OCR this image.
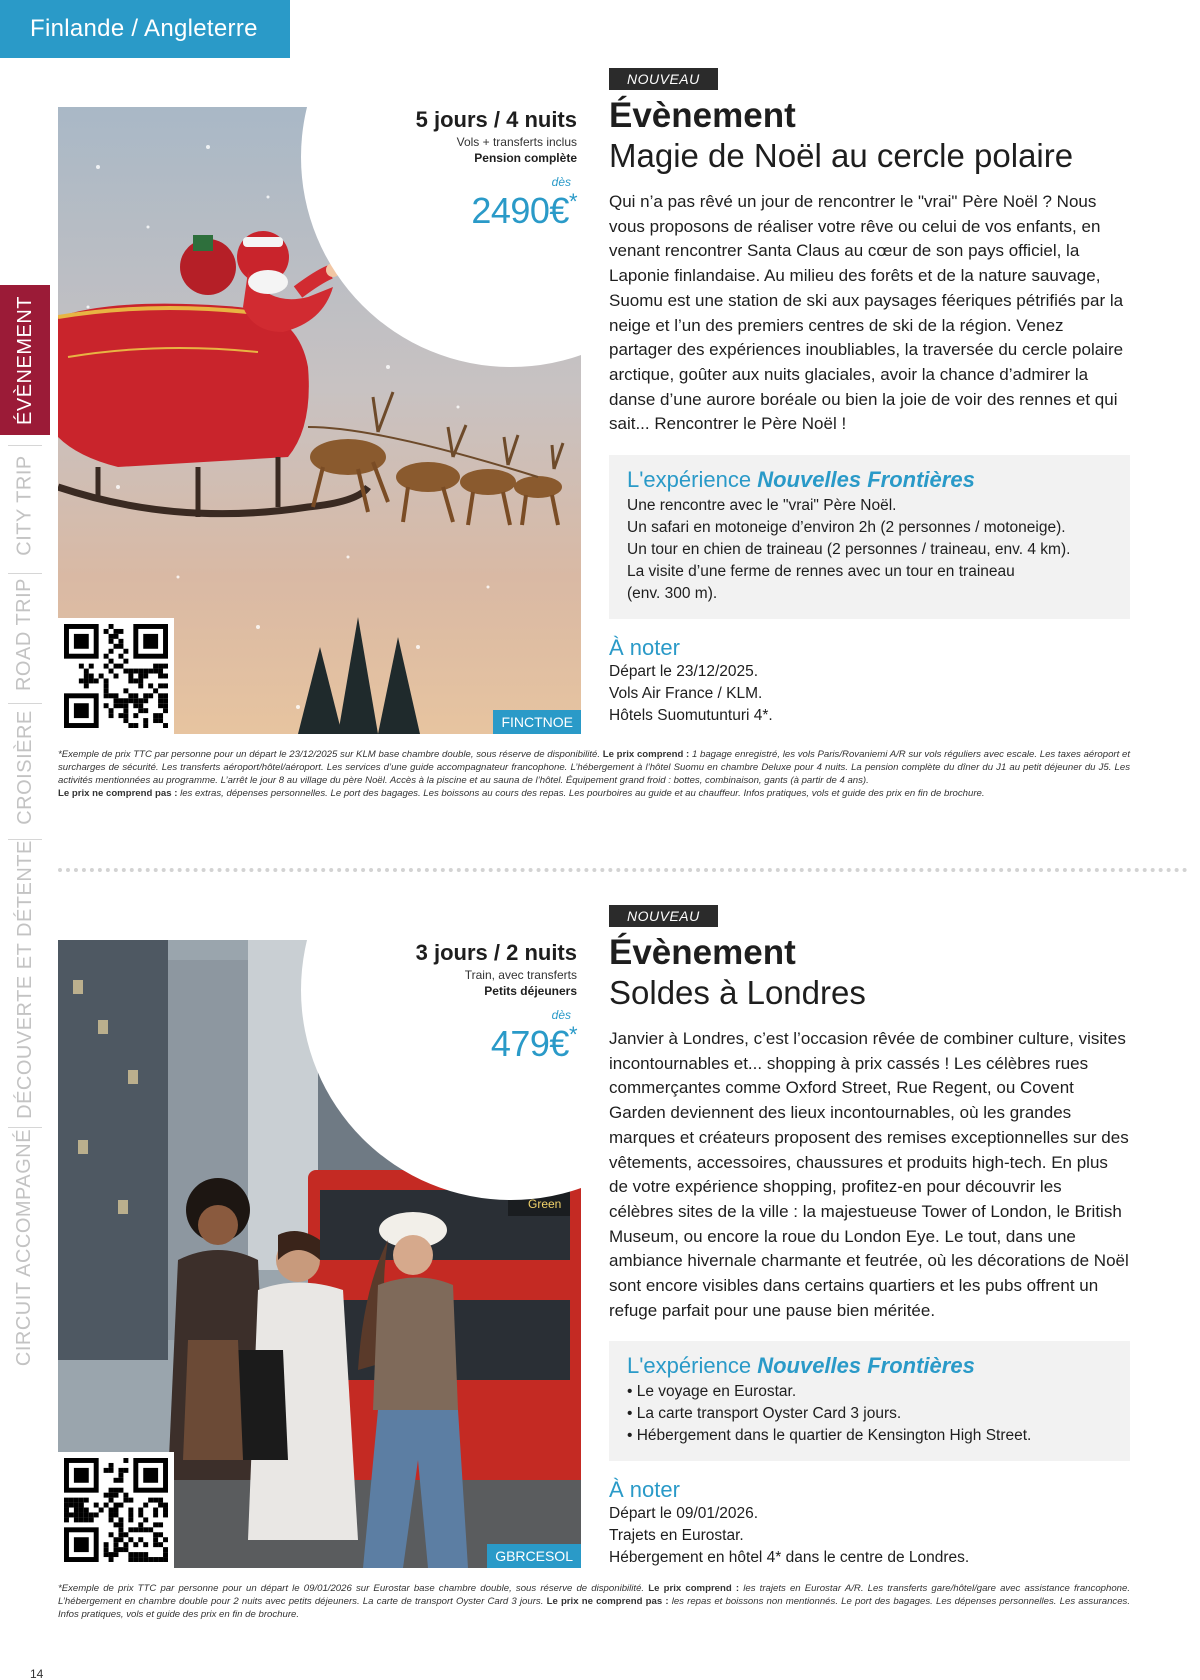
Finlande / Angleterre
ÉVÈNEMENT
CITY TRIP
ROAD TRIP
CROISIÈRE
DÉCOUVERTE ET DÉTENTE
CIRCUIT ACCOMPAGNÉ
5 jours / 4 nuits
Vols + transferts inclus
Pension complète
dès
2490€*
FINCTNOE
NOUVEAU
Évènement
Magie de Noël au cercle polaire

Qui n’a pas rêvé un jour de rencontrer le "vrai" Père Noël ? Nous vous proposons de réaliser votre rêve ou celui de vos enfants, en venant rencontrer Santa Claus au cœur de son pays officiel, la Laponie finlandaise. Au milieu des forêts et de la nature sauvage, Suomu est une station de ski aux paysages féeriques pétrifiés par la neige et l’un des premiers centres de ski de la région. Venez partager des expériences inoubliables, la traversée du cercle polaire arctique, goûter aux nuits glaciales, avoir la chance d’admirer la danse d’une aurore boréale ou bien la joie de voir des rennes et qui sait... Rencontrer le Père Noël !

L'expérience Nouvelles Frontières
Une rencontre avec le "vrai" Père Noël.
Un safari en motoneige d’environ 2h (2 personnes / motoneige).
Un tour en chien de traineau (2 personnes / traineau, env. 4 km).
La visite d’une ferme de rennes avec un tour en traineau
(env. 300 m).
À noter
Départ le 23/12/2025.
Vols Air France / KLM.
Hôtels Suomutunturi 4*.
*Exemple de prix TTC par personne pour un départ le 23/12/2025 sur KLM base chambre double, sous réserve de disponibilité. Le prix comprend : 1 bagage enregistré, les vols Paris/Rovaniemi A/R sur vols réguliers avec escale. Les taxes aéroport et surcharges de sécurité. Les transferts aéroport/hôtel/aéroport. Les services d’une guide accompagnateur francophone. L’hébergement à l’hôtel Suomu en chambre Deluxe pour 4 nuits. La pension complète du dîner du J1 au petit déjeuner du J5. Les activités mentionnées au programme. L’arrêt le jour 8 au village du père Noël. Accès à la piscine et au sauna de l’hôtel. Équipement grand froid : bottes, combinaison, gants (à partir de 4 ans).
Le prix ne comprend pas : les extras, dépenses personnelles. Le port des bagages. Les boissons au cours des repas. Les pourboires au guide et au chauffeur. Infos pratiques, vols et guide des prix en fin de brochure.
Green
3 jours / 2 nuits
Train, avec transferts
Petits déjeuners
dès
479€*
GBRCESOL
NOUVEAU
Évènement
Soldes à Londres

Janvier à Londres, c’est l’occasion rêvée de combiner culture, visites incontournables et... shopping à prix cassés ! Les célèbres rues commerçantes comme Oxford Street, Rue Regent, ou Covent Garden deviennent des lieux incontournables, où les grandes marques et créateurs proposent des remises exceptionnelles sur des vêtements, accessoires, chaussures et produits high-tech. En plus de votre expérience shopping, profitez-en pour découvrir les célèbres sites de la ville : la majestueuse Tower of London, le British Museum, ou encore la roue du London Eye. Le tout, dans une ambiance hivernale charmante et feutrée, où les décorations de Noël sont encore visibles dans certains quartiers et les pubs offrent un refuge parfait pour une pause bien méritée.

L'expérience Nouvelles Frontières
• Le voyage en Eurostar.
• La carte transport Oyster Card 3 jours.
• Hébergement dans le quartier de Kensington High Street.
À noter
Départ le 09/01/2026.
Trajets en Eurostar.
Hébergement en hôtel 4* dans le centre de Londres.
*Exemple de prix TTC par personne pour un départ le 09/01/2026 sur Eurostar base chambre double, sous réserve de disponibilité. Le prix comprend : les trajets en Eurostar A/R. Les transferts gare/hôtel/gare avec assistance francophone. L’hébergement en chambre double pour 2 nuits avec petits déjeuners. La carte de transport Oyster Card 3 jours. Le prix ne comprend pas : les repas et boissons non mentionnés. Le port des bagages. Les dépenses personnelles. Les assurances. Infos pratiques, vols et guide des prix en fin de brochure.
14
